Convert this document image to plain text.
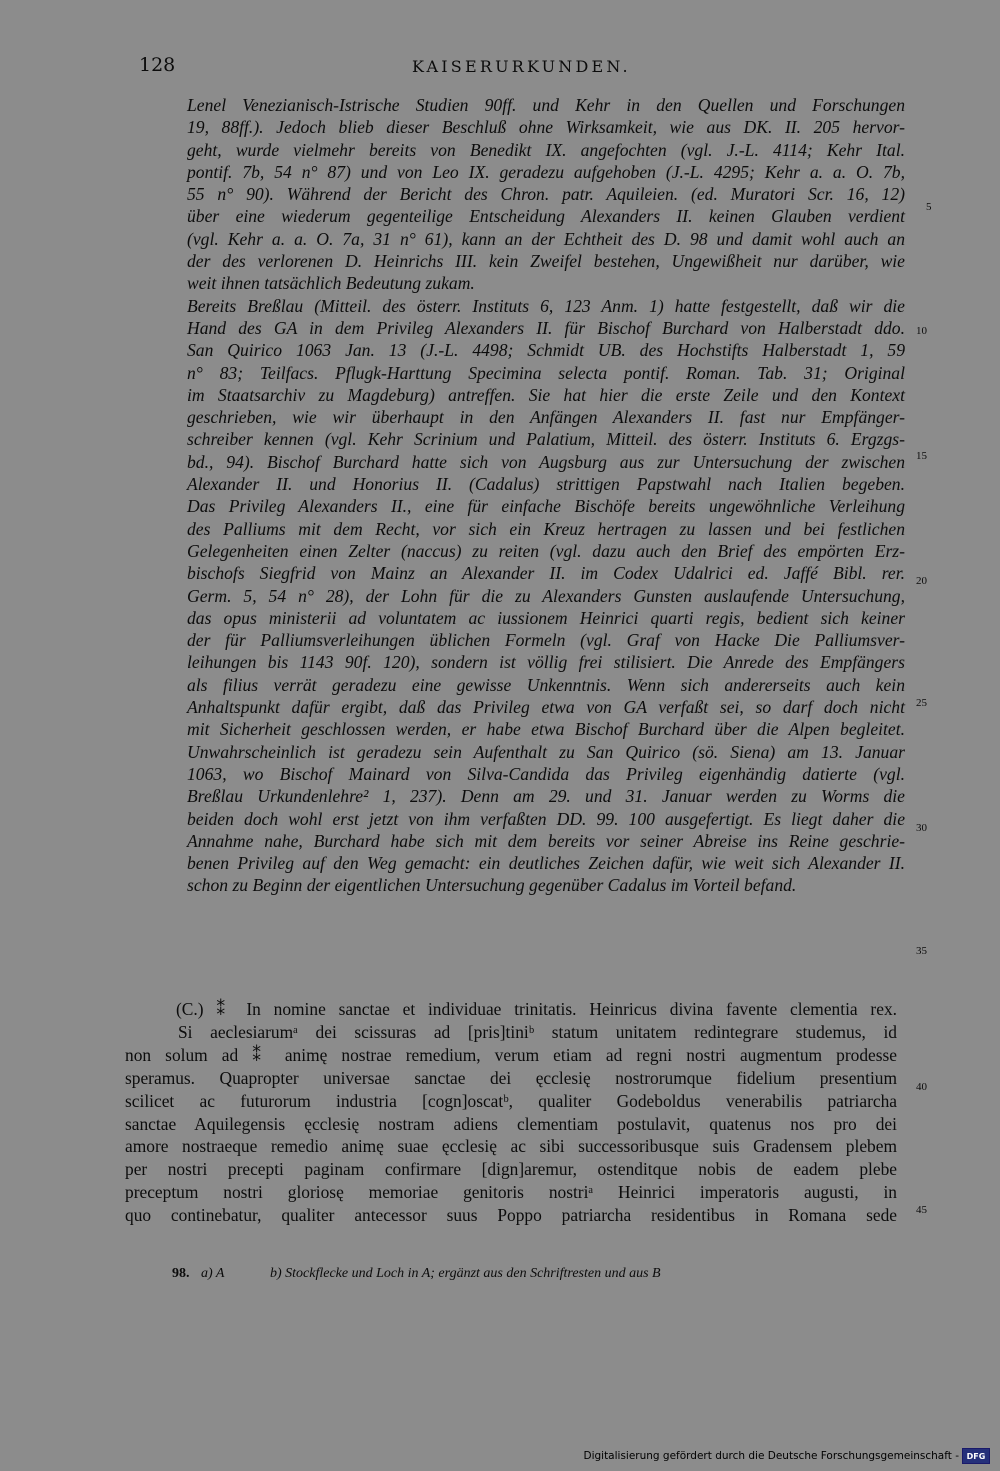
128	KAISERURKUNDEN.
Lenel Venezianisch-Istrische Studien 90ff. und Kehr in den Quellen und Forschungen
19, 88ff.). Jedoch blieb dieser Beschluß ohne Wirksamkeit, wie aus DK. II. 205 hervor-
geht, wurde vielmehr bereits von Benedikt IX. angefochten (vgl. J.-L. 4114; Kehr Ital.
pontif. 7b, 54 n° 87) und von Leo IX. geradezu aufgehoben (J.-L. 4295; Kehr a. a. O. 7b,
55 n° 90). Während der Bericht des Chron. patr. Aquileien. (ed. Muratori Scr. 16, 12)
über eine wiederum gegenteilige Entscheidung Alexanders II. keinen Glauben verdient
(vgl. Kehr a. a. O. 7a, 31 n° 61), kann an der Echtheit des D. 98 und damit wohl auch an
der des verlorenen D. Heinrichs III. kein Zweifel bestehen, Ungewißheit nur darüber, wie
weit ihnen tatsächlich Bedeutung zukam.
Bereits Breßlau (Mitteil. des österr. Instituts 6, 123 Anm. 1) hatte festgestellt, daß wir die
Hand des GA in dem Privileg Alexanders II. für Bischof Burchard von Halberstadt ddo.
San Quirico 1063 Jan. 13 (J.-L. 4498; Schmidt UB. des Hochstifts Halberstadt 1, 59
n° 83; Teilfacs. Pflugk-Harttung Specimina selecta pontif. Roman. Tab. 31; Original
im Staatsarchiv zu Magdeburg) antreffen. Sie hat hier die erste Zeile und den Kontext
geschrieben, wie wir überhaupt in den Anfängen Alexanders II. fast nur Empfänger-
schreiber kennen (vgl. Kehr Scrinium und Palatium, Mitteil. des österr. Instituts 6. Ergzgs-
bd., 94). Bischof Burchard hatte sich von Augsburg aus zur Untersuchung der zwischen
Alexander II. und Honorius II. (Cadalus) strittigen Papstwahl nach Italien begeben.
Das Privileg Alexanders II., eine für einfache Bischöfe bereits ungewöhnliche Verleihung
des Palliums mit dem Recht, vor sich ein Kreuz hertragen zu lassen und bei festlichen
Gelegenheiten einen Zelter (naccus) zu reiten (vgl. dazu auch den Brief des empörten Erz-
bischofs Siegfrid von Mainz an Alexander II. im Codex Udalrici ed. Jaffé Bibl. rer.
Germ. 5, 54 n° 28), der Lohn für die zu Alexanders Gunsten auslaufende Untersuchung,
das opus ministerii ad voluntatem ac iussionem Heinrici quarti regis, bedient sich keiner
der für Palliumsverleihungen üblichen Formeln (vgl. Graf von Hacke Die Palliumsver-
leihungen bis 1143 90f. 120), sondern ist völlig frei stilisiert. Die Anrede des Empfängers
als filius verrät geradezu eine gewisse Unkenntnis. Wenn sich andererseits auch kein
Anhaltspunkt dafür ergibt, daß das Privileg etwa von GA verfaßt sei, so darf doch nicht
mit Sicherheit geschlossen werden, er habe etwa Bischof Burchard über die Alpen begleitet.
Unwahrscheinlich ist geradezu sein Aufenthalt zu San Quirico (sö. Siena) am 13. Januar
1063, wo Bischof Mainard von Silva-Candida das Privileg eigenhändig datierte (vgl.
Breßlau Urkundenlehre² 1, 237). Denn am 29. und 31. Januar werden zu Worms die
beiden doch wohl erst jetzt von ihm verfaßten DD. 99. 100 ausgefertigt. Es liegt daher die
Annahme nahe, Burchard habe sich mit dem bereits vor seiner Abreise ins Reine geschrie-
benen Privileg auf den Weg gemacht: ein deutliches Zeichen dafür, wie weit sich Alexander II.
schon zu Beginn der eigentlichen Untersuchung gegenüber Cadalus im Vorteil befand.
(C.) ⁑ In nomine sanctae et individuae trinitatis. Heinricus divina favente clementia rex.
Si aeclesiarumᵃ dei scissuras ad [pris]tiniᵇ statum unitatem redintegrare studemus, id
non solum ad ⁑ animę nostrae remedium, verum etiam ad regni nostri augmentum prodesse
speramus. Quapropter universae sanctae dei ęcclesię nostrorumque fidelium presentium
scilicet ac futurorum industria [cogn]oscatᵇ, qualiter Godeboldus venerabilis patriarcha
sanctae Aquilegensis ęcclesię nostram adiens clementiam postulavit, quatenus nos pro dei
amore nostraeque remedio animę suae ęcclesię ac sibi successoribusque suis Gradensem plebem
per nostri precepti paginam confirmare [dign]aremur, ostenditque nobis de eadem plebe
preceptum nostri gloriosę memoriae genitoris nostriᵃ Heinrici imperatoris augusti, in
quo continebatur, qualiter antecessor suus Poppo patriarcha residentibus in Romana sede
5
10
15
20
25
30
35
40
45
98. a) A	b) Stockflecke und Loch in A; ergänzt aus den Schriftresten und aus B
Digitalisierung gefördert durch die Deutsche Forschungsgemeinschaft - DFG
